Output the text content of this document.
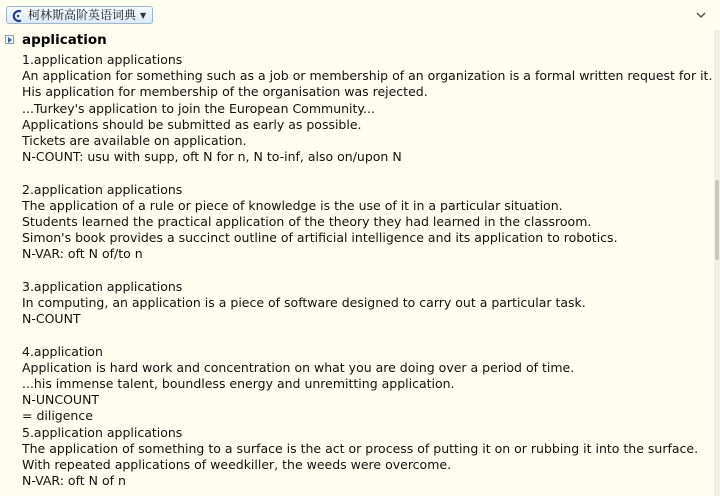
柯林斯高阶英语词典 ▼
application
1.application applications
An application for something such as a job or membership of an organization is a formal written request for it.
His application for membership of the organisation was rejected.
...Turkey's application to join the European Community...
Applications should be submitted as early as possible.
Tickets are available on application.
N-COUNT: usu with supp, oft N for n, N to-inf, also on/upon N
2.application applications
The application of a rule or piece of knowledge is the use of it in a particular situation.
Students learned the practical application of the theory they had learned in the classroom.
Simon's book provides a succinct outline of artificial intelligence and its application to robotics.
N-VAR: oft N of/to n
3.application applications
In computing, an application is a piece of software designed to carry out a particular task.
N-COUNT
4.application
Application is hard work and concentration on what you are doing over a period of time.
...his immense talent, boundless energy and unremitting application.
N-UNCOUNT
= diligence
5.application applications
The application of something to a surface is the act or process of putting it on or rubbing it into the surface.
With repeated applications of weedkiller, the weeds were overcome.
N-VAR: oft N of n
